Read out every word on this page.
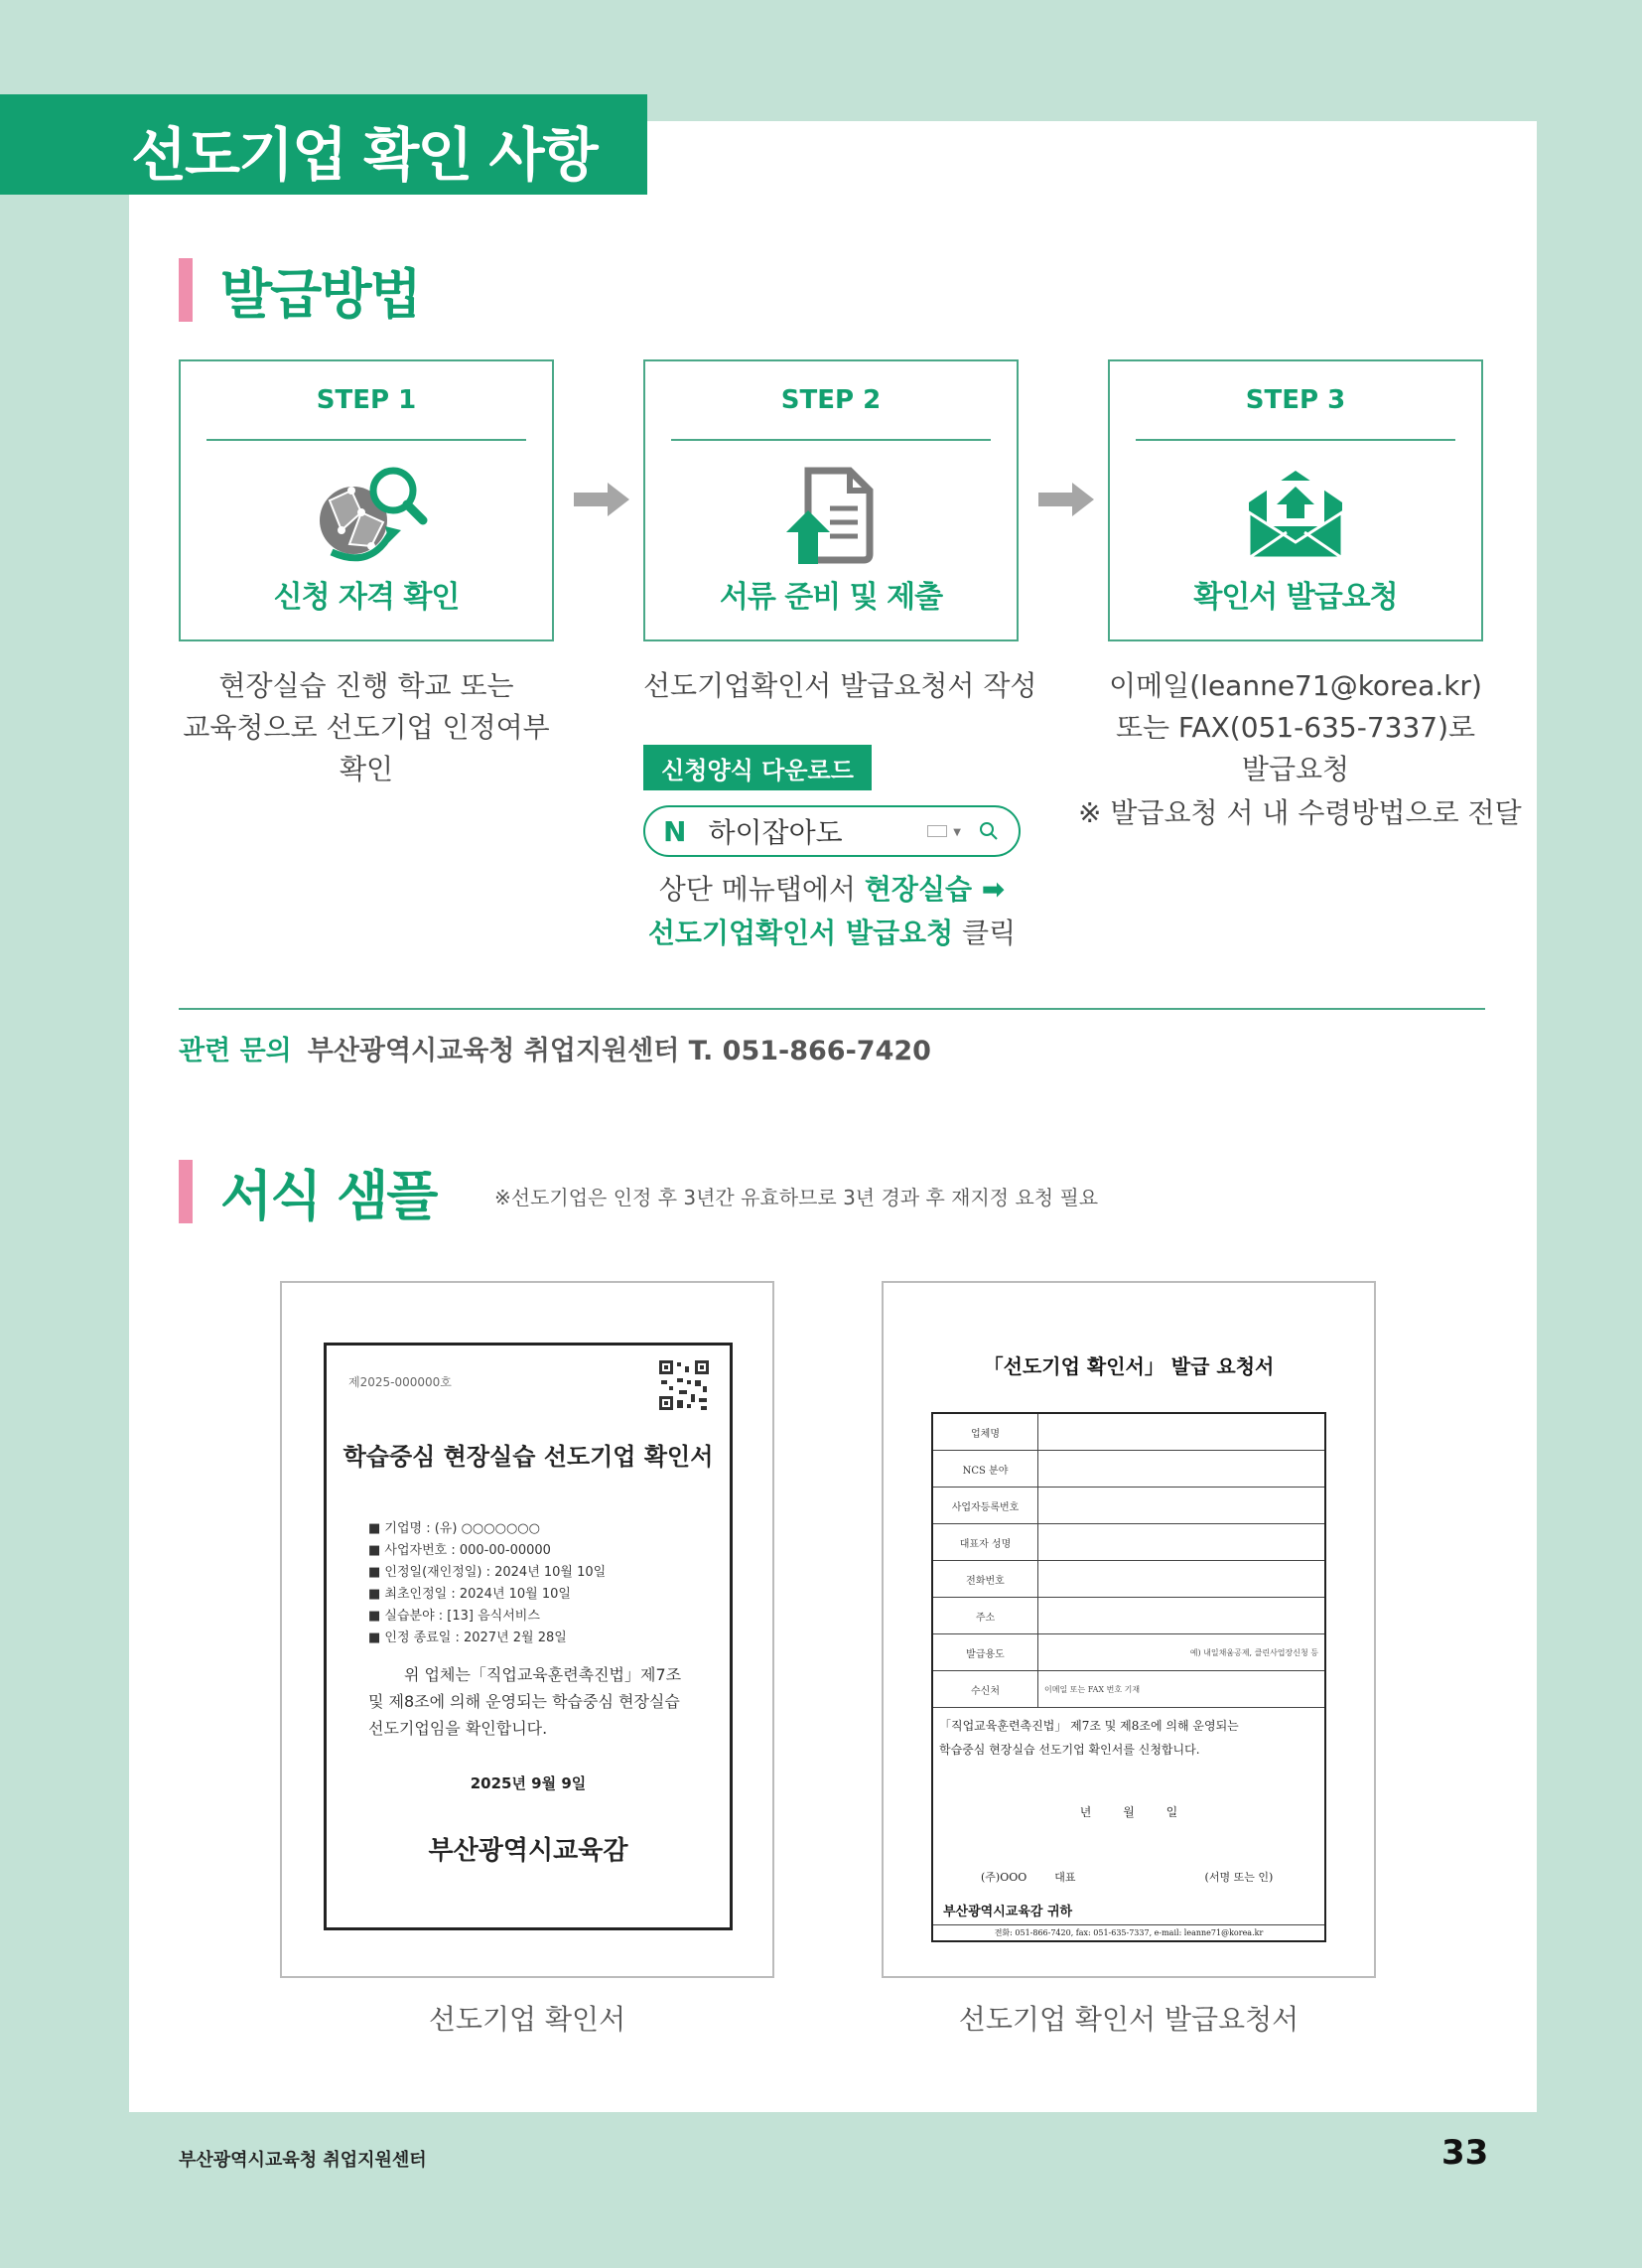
선도기업 확인 사항
발급방법
STEP 1
신청 자격 확인
STEP 2
서류 준비 및 제출
STEP 3
확인서 발급요청
현장실습 진행 학교 또는
교육청으로 선도기업 인정여부
확인
선도기업확인서 발급요청서 작성
신청양식 다운로드
N 하이잡아도	▼
상단 메뉴탭에서 현장실습 ➡
선도기업확인서 발급요청 클릭
이메일(leanne71@korea.kr)
또는 FAX(051-635-7337)로
발급요청
※ 발급요청 서 내 수령방법으로 전달
관련 문의 부산광역시교육청 취업지원센터 T. 051-866-7420
서식 샘플	※선도기업은 인정 후 3년간 유효하므로 3년 경과 후 재지정 요청 필요
제2025-000000호
학습중심 현장실습 선도기업 확인서
■ 기업명 : (유) ○○○○○○○
■ 사업자번호 : 000-00-00000
■ 인정일(재인정일) : 2024년 10월 10일
■ 최초인정일 : 2024년 10월 10일
■ 실습분야 : [13] 음식서비스
■ 인정 종료일 : 2027년 2월 28일
위 업체는「직업교육훈련촉진법」제7조
및 제8조에 의해 운영되는 학습중심 현장실습
선도기업임을 확인합니다.
2025년 9월 9일
부산광역시교육감
선도기업 확인서
「선도기업 확인서」 발급 요청서
업체명
NCS 분야
사업자등록번호
대표자 성명
전화번호
주소
발급용도	예) 내일채움공제, 클린사업장신청 등
수신처	이메일 또는 FAX 번호 기재
「직업교육훈련촉진법」 제7조 및 제8조에 의해 운영되는
학습중심 현장실습 선도기업 확인서를 신청합니다.
년 월 일
(주)OOO	대표	(서명 또는 인)
부산광역시교육감 귀하
전화: 051-866-7420, fax: 051-635-7337, e-mail: leanne71@korea.kr
선도기업 확인서 발급요청서
부산광역시교육청 취업지원센터	33
